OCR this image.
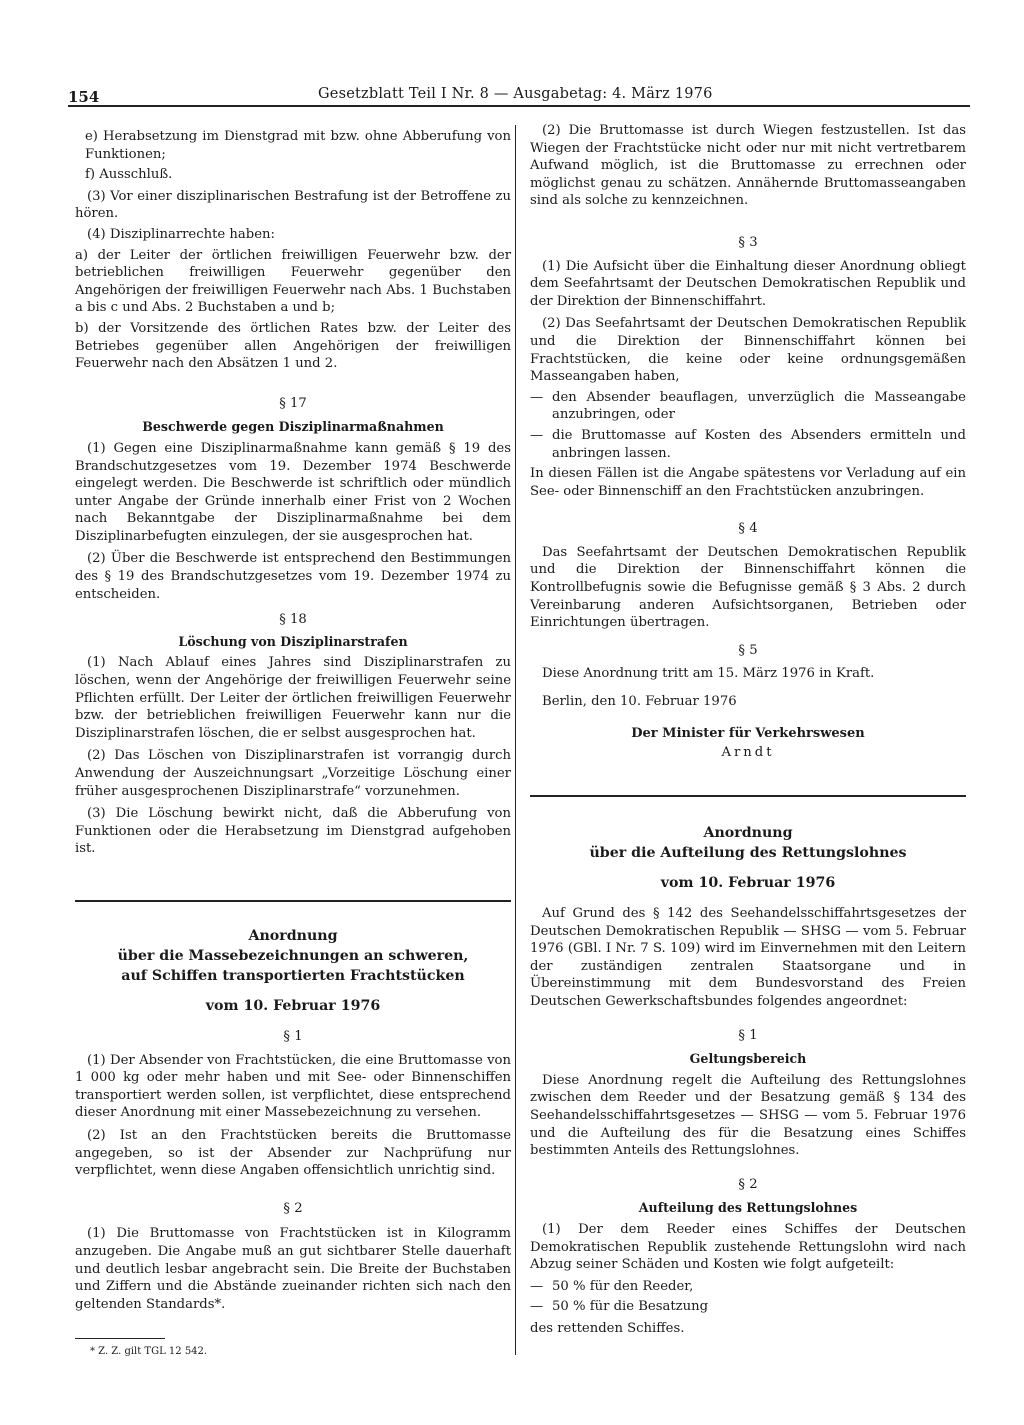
154	Gesetzblatt Teil I Nr. 8 — Ausgabetag: 4. März 1976

e) Herabsetzung im Dienstgrad mit bzw. ohne Abberufung von Funktionen;

f) Ausschluß.

(3) Vor einer disziplinarischen Bestrafung ist der Betroffene zu hören.

(4) Disziplinarrechte haben:

a) der Leiter der örtlichen freiwilligen Feuerwehr bzw. der betrieblichen freiwilligen Feuerwehr gegenüber den Angehörigen der freiwilligen Feuerwehr nach Abs. 1 Buchstaben a bis c und Abs. 2 Buchstaben a und b;

b) der Vorsitzende des örtlichen Rates bzw. der Leiter des Betriebes gegenüber allen Angehörigen der freiwilligen Feuerwehr nach den Absätzen 1 und 2.

§ 17

Beschwerde gegen Disziplinarmaßnahmen

(1) Gegen eine Disziplinarmaßnahme kann gemäß § 19 des Brandschutzgesetzes vom 19. Dezember 1974 Beschwerde eingelegt werden. Die Beschwerde ist schriftlich oder mündlich unter Angabe der Gründe innerhalb einer Frist von 2 Wochen nach Bekanntgabe der Disziplinarmaßnahme bei dem Disziplinarbefugten einzulegen, der sie ausgesprochen hat.

(2) Über die Beschwerde ist entsprechend den Bestimmungen des § 19 des Brandschutzgesetzes vom 19. Dezember 1974 zu entscheiden.

§ 18

Löschung von Disziplinarstrafen

(1) Nach Ablauf eines Jahres sind Disziplinarstrafen zu löschen, wenn der Angehörige der freiwilligen Feuerwehr seine Pflichten erfüllt. Der Leiter der örtlichen freiwilligen Feuerwehr bzw. der betrieblichen freiwilligen Feuerwehr kann nur die Disziplinarstrafen löschen, die er selbst ausgesprochen hat.

(2) Das Löschen von Disziplinarstrafen ist vorrangig durch Anwendung der Auszeichnungsart „Vorzeitige Löschung einer früher ausgesprochenen Disziplinarstrafe“ vorzunehmen.

(3) Die Löschung bewirkt nicht, daß die Abberufung von Funktionen oder die Herabsetzung im Dienstgrad aufgehoben ist.

Anordnung

über die Massebezeichnungen an schweren,

auf Schiffen transportierten Frachtstücken

vom 10. Februar 1976

§ 1

(1) Der Absender von Frachtstücken, die eine Bruttomasse von 1 000 kg oder mehr haben und mit See- oder Binnenschiffen transportiert werden sollen, ist verpflichtet, diese entsprechend dieser Anordnung mit einer Massebezeichnung zu versehen.

(2) Ist an den Frachtstücken bereits die Bruttomasse angegeben, so ist der Absender zur Nachprüfung nur verpflichtet, wenn diese Angaben offensichtlich unrichtig sind.

§ 2

(1) Die Bruttomasse von Frachtstücken ist in Kilogramm anzugeben. Die Angabe muß an gut sichtbarer Stelle dauerhaft und deutlich lesbar angebracht sein. Die Breite der Buchstaben und Ziffern und die Abstände zueinander richten sich nach den geltenden Standards*.

* Z. Z. gilt TGL 12 542.

(2) Die Bruttomasse ist durch Wiegen festzustellen. Ist das Wiegen der Frachtstücke nicht oder nur mit nicht vertretbarem Aufwand möglich, ist die Bruttomasse zu errechnen oder möglichst genau zu schätzen. Annähernde Bruttomasseangaben sind als solche zu kennzeichnen.

§ 3

(1) Die Aufsicht über die Einhaltung dieser Anordnung obliegt dem Seefahrtsamt der Deutschen Demokratischen Republik und der Direktion der Binnenschiffahrt.

(2) Das Seefahrtsamt der Deutschen Demokratischen Republik und die Direktion der Binnenschiffahrt können bei Frachtstücken, die keine oder keine ordnungsgemäßen Masseangaben haben,

— den Absender beauflagen, unverzüglich die Masseangabe anzubringen, oder
— die Bruttomasse auf Kosten des Absenders ermitteln und anbringen lassen.

In diesen Fällen ist die Angabe spätestens vor Verladung auf ein See- oder Binnenschiff an den Frachtstücken anzubringen.

§ 4

Das Seefahrtsamt der Deutschen Demokratischen Republik und die Direktion der Binnenschiffahrt können die Kontrollbefugnis sowie die Befugnisse gemäß § 3 Abs. 2 durch Vereinbarung anderen Aufsichtsorganen, Betrieben oder Einrichtungen übertragen.

§ 5

Diese Anordnung tritt am 15. März 1976 in Kraft.

Berlin, den 10. Februar 1976

Der Minister für Verkehrswesen

Arndt

Anordnung

über die Aufteilung des Rettungslohnes

vom 10. Februar 1976

Auf Grund des § 142 des Seehandelsschiffahrtsgesetzes der Deutschen Demokratischen Republik — SHSG — vom 5. Februar 1976 (GBl. I Nr. 7 S. 109) wird im Einvernehmen mit den Leitern der zuständigen zentralen Staatsorgane und in Übereinstimmung mit dem Bundesvorstand des Freien Deutschen Gewerkschaftsbundes folgendes angeordnet:

§ 1

Geltungsbereich

Diese Anordnung regelt die Aufteilung des Rettungslohnes zwischen dem Reeder und der Besatzung gemäß § 134 des Seehandelsschiffahrtsgesetzes — SHSG — vom 5. Februar 1976 und die Aufteilung des für die Besatzung eines Schiffes bestimmten Anteils des Rettungslohnes.

§ 2

Aufteilung des Rettungslohnes

(1) Der dem Reeder eines Schiffes der Deutschen Demokratischen Republik zustehende Rettungslohn wird nach Abzug seiner Schäden und Kosten wie folgt aufgeteilt:

— 50 % für den Reeder,
— 50 % für die Besatzung

des rettenden Schiffes.
